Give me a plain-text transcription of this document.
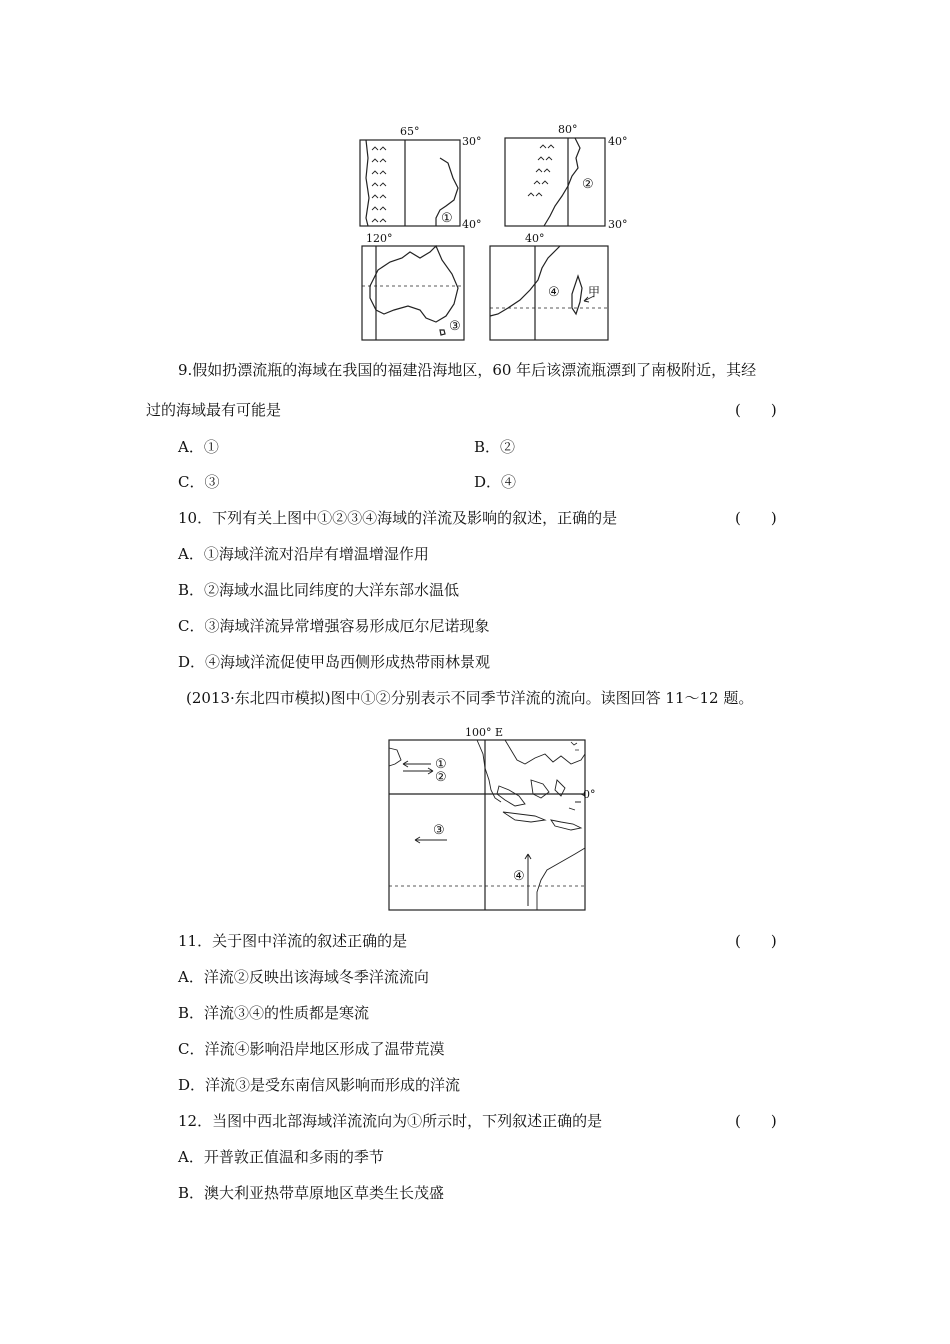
65°
30°
40°
①
80°
40°
30°
②
120°
③
40°
④ 甲
9.假如扔漂流瓶的海域在我国的福建沿海地区，60 年后该漂流瓶漂到了南极附近，其经
过的海域最有可能是	(　　)
A．①	B．②
C．③	D．④
10．下列有关上图中①②③④海域的洋流及影响的叙述，正确的是	(　　)
A．①海域洋流对沿岸有增温增湿作用
B．②海域水温比同纬度的大洋东部水温低
C．③海域洋流异常增强容易形成厄尔尼诺现象
D．④海域洋流促使甲岛西侧形成热带雨林景观
(2013·东北四市模拟)图中①②分别表示不同季节洋流的流向。读图回答 11～12 题。
100° E
0°
①
②
③
④
11．关于图中洋流的叙述正确的是	(　　)
A．洋流②反映出该海域冬季洋流流向
B．洋流③④的性质都是寒流
C．洋流④影响沿岸地区形成了温带荒漠
D．洋流③是受东南信风影响而形成的洋流
12．当图中西北部海域洋流流向为①所示时，下列叙述正确的是	(　　)
A．开普敦正值温和多雨的季节
B．澳大利亚热带草原地区草类生长茂盛
